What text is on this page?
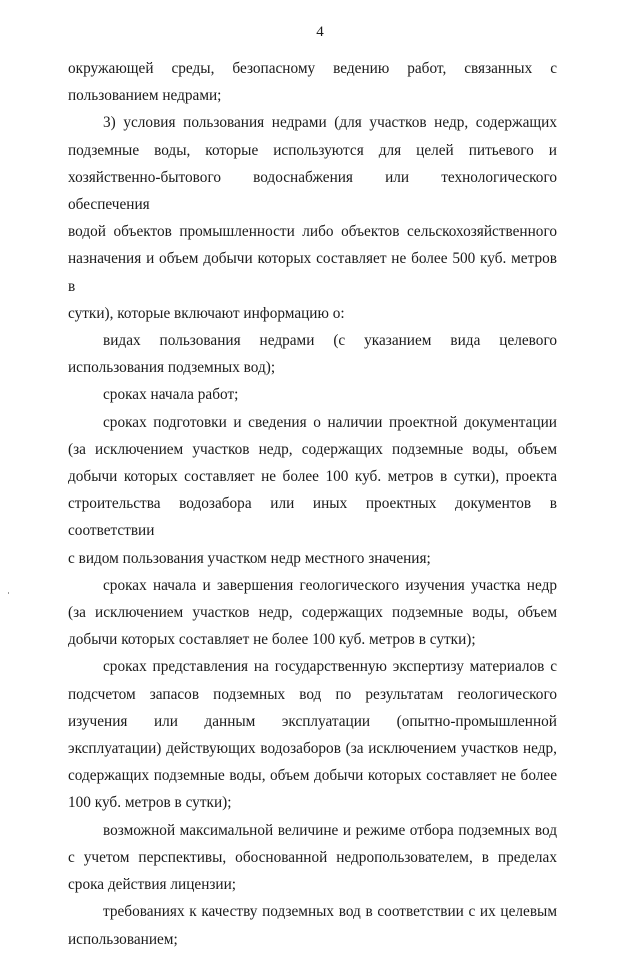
4
окружающей среды, безопасному ведению работ, связанных с
пользованием недрами;
3) условия пользования недрами (для участков недр, содержащих
подземные воды, которые используются для целей питьевого и
хозяйственно-бытового водоснабжения или технологического обеспечения
водой объектов промышленности либо объектов сельскохозяйственного
назначения и объем добычи которых составляет не более 500 куб. метров в
сутки), которые включают информацию о:
видах пользования недрами (с указанием вида целевого
использования подземных вод);
сроках начала работ;
сроках подготовки и сведения о наличии проектной документации
(за исключением участков недр, содержащих подземные воды, объем
добычи которых составляет не более 100 куб. метров в сутки), проекта
строительства водозабора или иных проектных документов в соответствии
с видом пользования участком недр местного значения;
сроках начала и завершения геологического изучения участка недр
(за исключением участков недр, содержащих подземные воды, объем
добычи которых составляет не более 100 куб. метров в сутки);
сроках представления на государственную экспертизу материалов с
подсчетом запасов подземных вод по результатам геологического
изучения или данным эксплуатации (опытно-промышленной
эксплуатации) действующих водозаборов (за исключением участков недр,
содержащих подземные воды, объем добычи которых составляет не более
100 куб. метров в сутки);
возможной максимальной величине и режиме отбора подземных вод
с учетом перспективы, обоснованной недропользователем, в пределах
срока действия лицензии;
требованиях к качеству подземных вод в соответствии с их целевым
использованием;
